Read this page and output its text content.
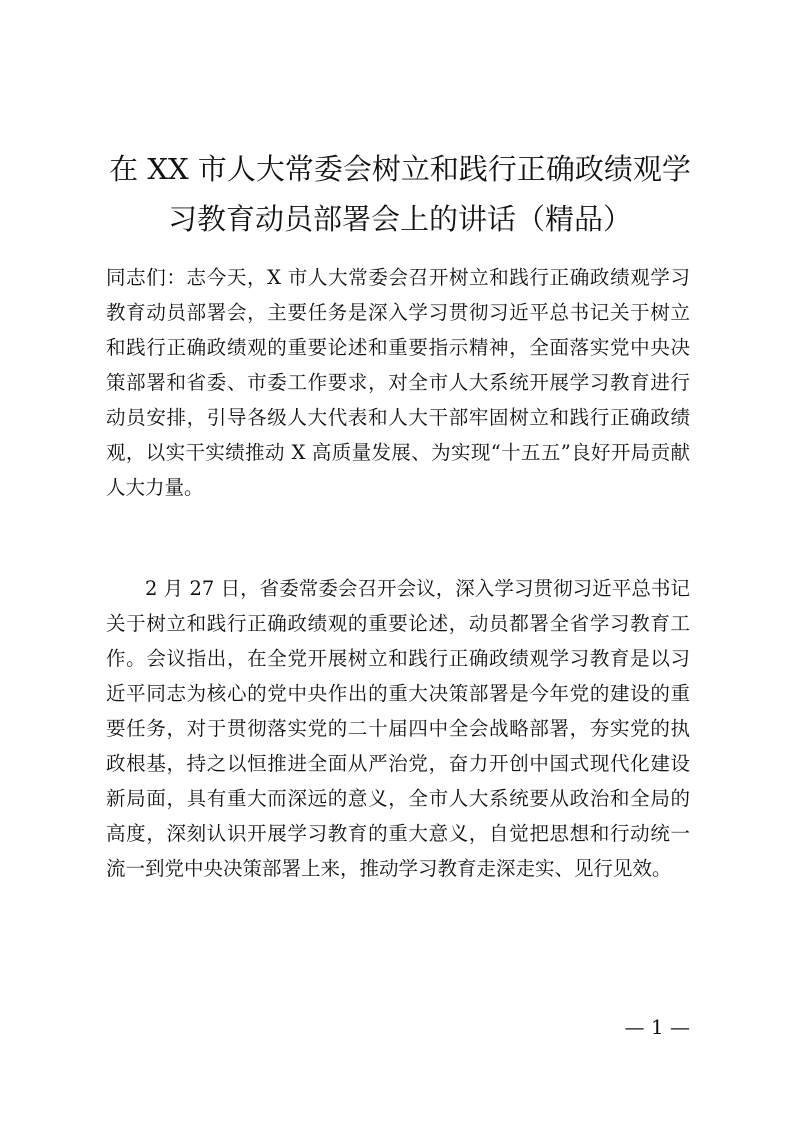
在 XX 市人大常委会树立和践行正确政绩观学
习教育动员部署会上的讲话（精品）

同志们：志今天，X 市人大常委会召开树立和践行正确政绩观学习教育动员部署会，主要任务是深入学习贯彻习近平总书记关于树立和践行正确政绩观的重要论述和重要指示精神，全面落实党中央决策部署和省委、市委工作要求，对全市人大系统开展学习教育进行动员安排，引导各级人大代表和人大干部牢固树立和践行正确政绩观，以实干实绩推动 X 高质量发展、为实现“十五五”良好开局贡献人大力量。

2 月 27 日，省委常委会召开会议，深入学习贯彻习近平总书记关于树立和践行正确政绩观的重要论述，动员都署全省学习教育工作。会议指出，在全党开展树立和践行正确政绩观学习教育是以习近平同志为核心的党中央作出的重大决策部署是今年党的建设的重要任务，对于贯彻落实党的二十届四中全会战略部署，夯实党的执政根基，持之以恒推进全面从严治党，奋力开创中国式现代化建设新局面，具有重大而深远的意义，全市人大系统要从政治和全局的高度，深刻认识开展学习教育的重大意义，自觉把思想和行动统一流一到党中央决策部署上来，推动学习教育走深走实、见行见效。

— 1 —
